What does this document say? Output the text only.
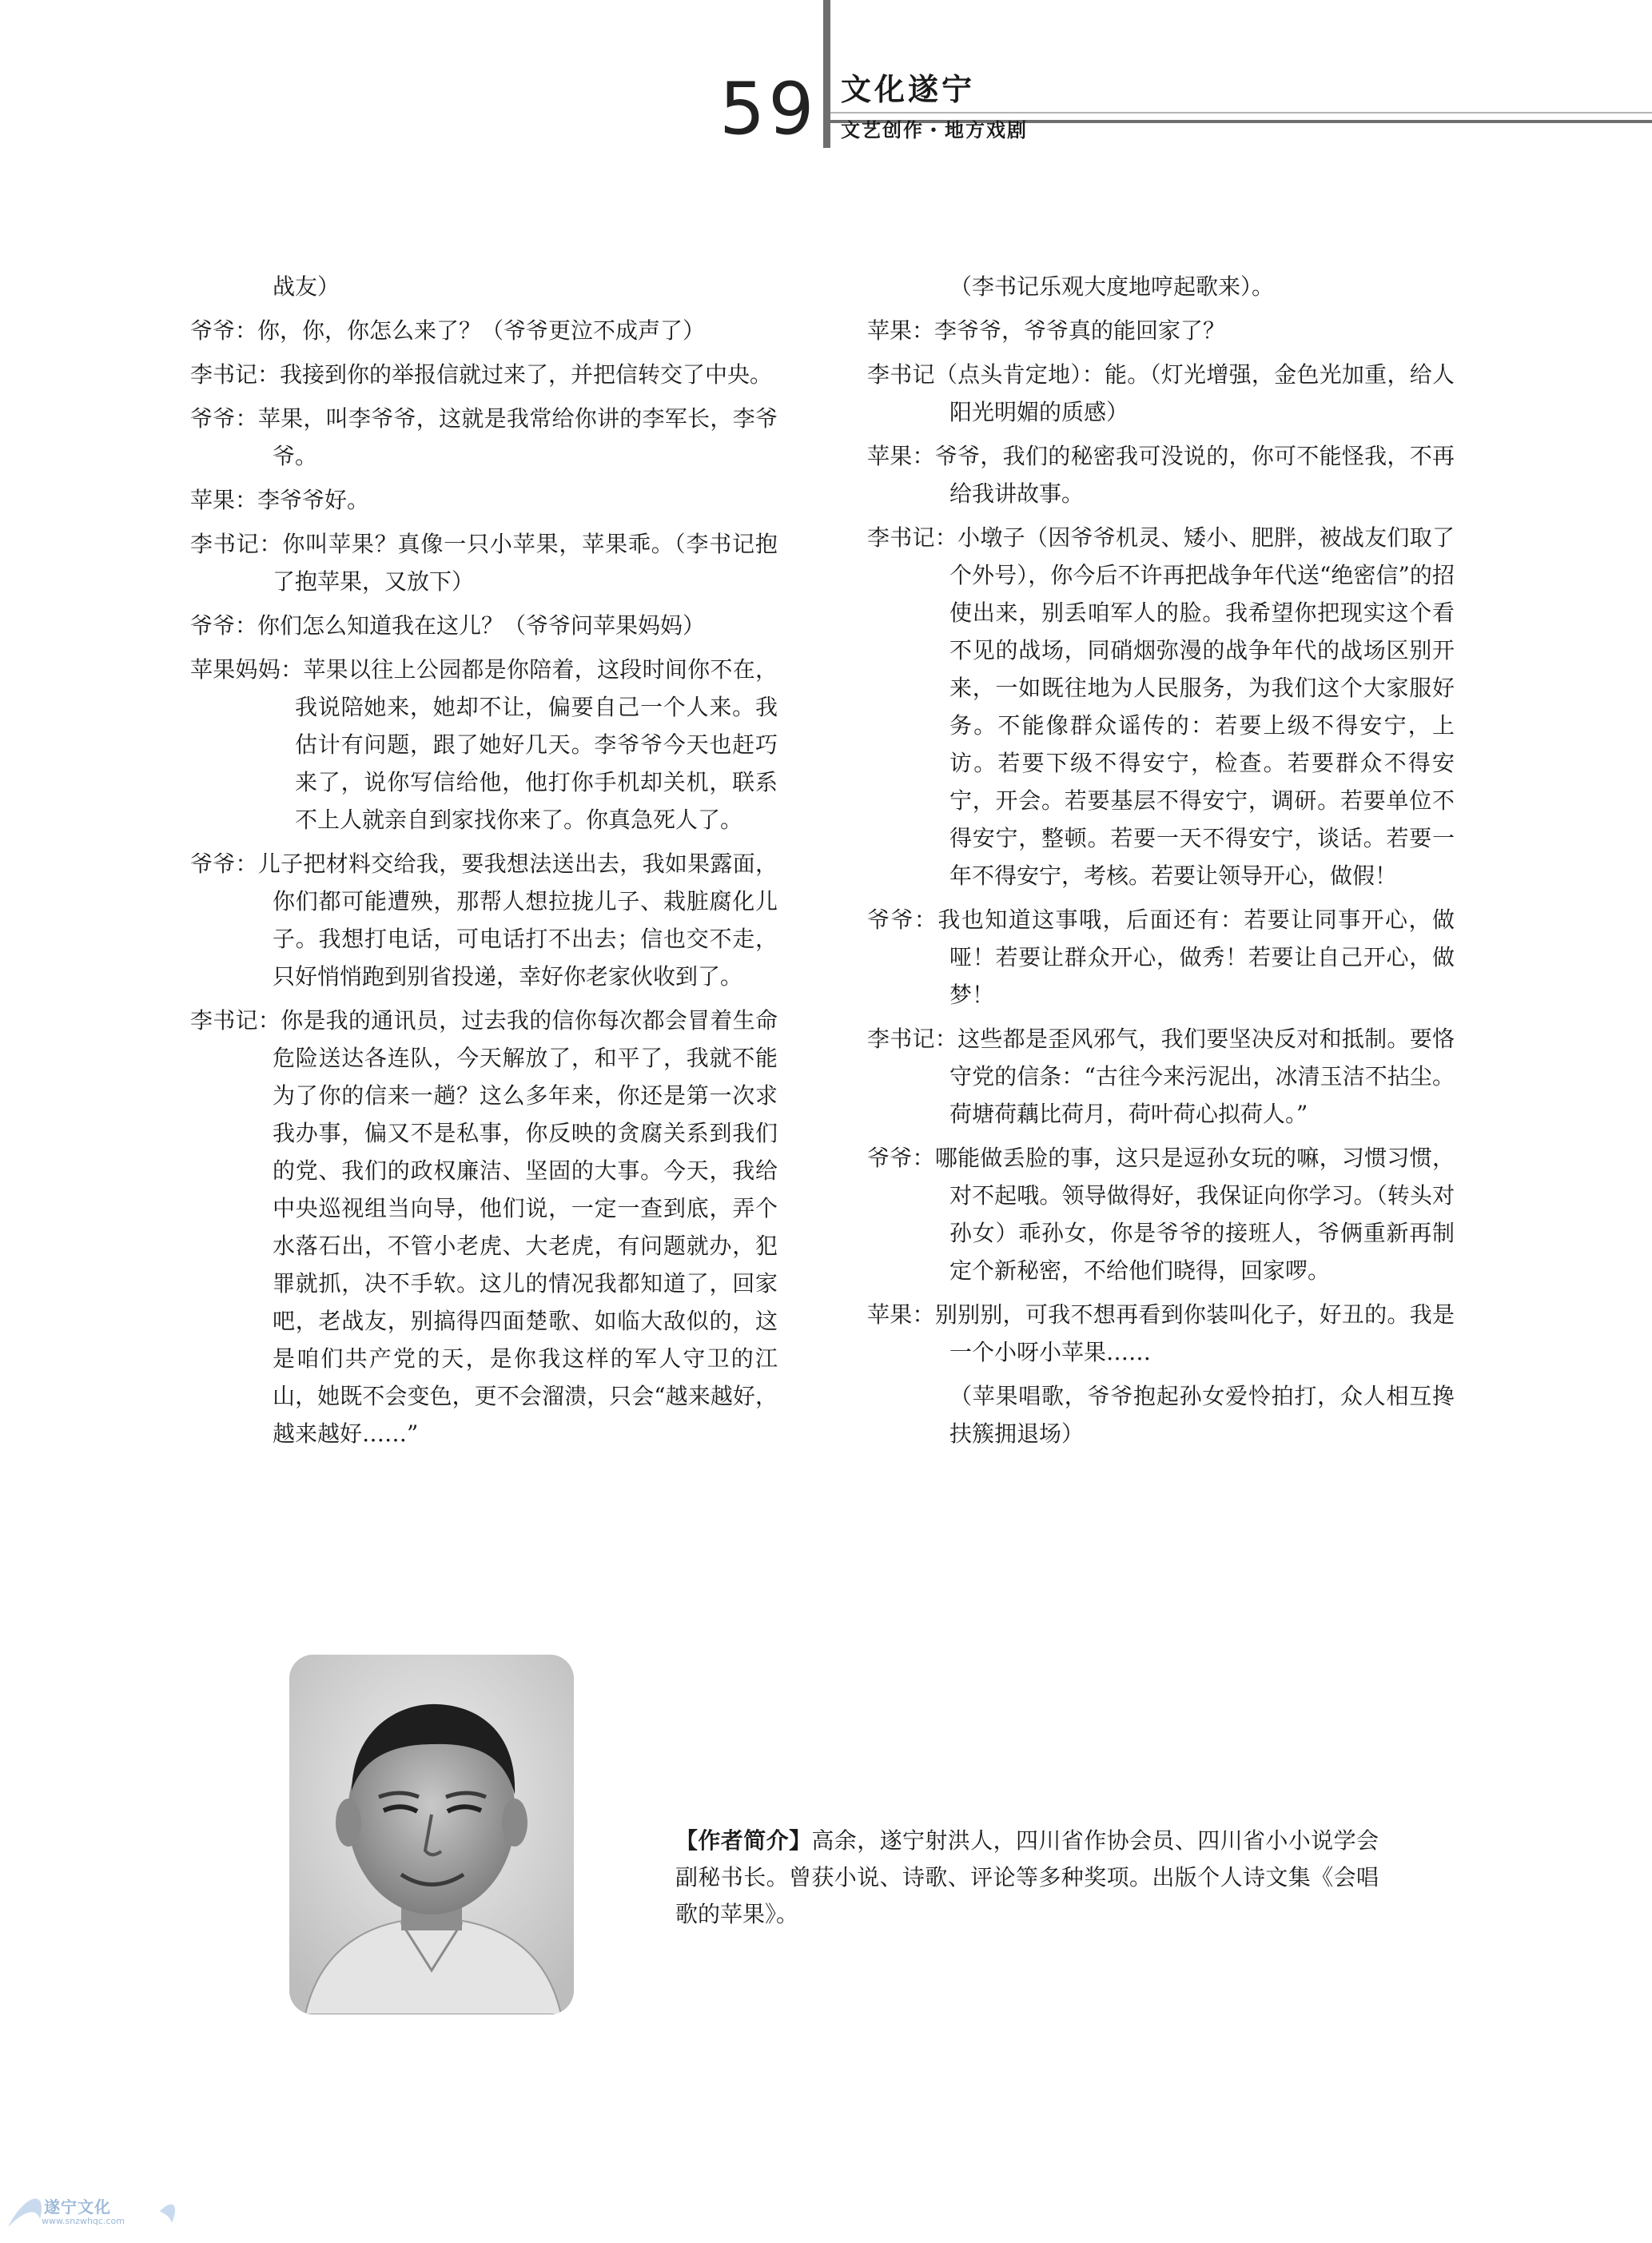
59 文化遂宁
文艺创作・地方戏剧

战友）

爷爷：你，你，你怎么来了？（爷爷更泣不成声了）

李书记：我接到你的举报信就过来了，并把信转交了中央。

爷爷：苹果，叫李爷爷，这就是我常给你讲的李军长，李爷爷。

苹果：李爷爷好。

李书记：你叫苹果？真像一只小苹果，苹果乖。（李书记抱了抱苹果，又放下）

爷爷：你们怎么知道我在这儿？（爷爷问苹果妈妈）

苹果妈妈：苹果以往上公园都是你陪着，这段时间你不在，我说陪她来，她却不让，偏要自己一个人来。我估计有问题，跟了她好几天。李爷爷今天也赶巧来了，说你写信给他，他打你手机却关机，联系不上人就亲自到家找你来了。你真急死人了。

爷爷：儿子把材料交给我，要我想法送出去，我如果露面，你们都可能遭殃，那帮人想拉拢儿子、栽脏腐化儿子。我想打电话，可电话打不出去；信也交不走，只好悄悄跑到别省投递，幸好你老家伙收到了。

李书记：你是我的通讯员，过去我的信你每次都会冒着生命危险送达各连队，今天解放了，和平了，我就不能为了你的信来一趟？这么多年来，你还是第一次求我办事，偏又不是私事，你反映的贪腐关系到我们的党、我们的政权廉洁、坚固的大事。今天，我给中央巡视组当向导，他们说，一定一查到底，弄个水落石出，不管小老虎、大老虎，有问题就办，犯罪就抓，决不手软。这儿的情况我都知道了，回家吧，老战友，别搞得四面楚歌、如临大敌似的，这是咱们共产党的天，是你我这样的军人守卫的江山，她既不会变色，更不会溜溃，只会“越来越好，越来越好……”

（李书记乐观大度地哼起歌来）。

苹果：李爷爷，爷爷真的能回家了？

李书记（点头肯定地）：能。（灯光增强，金色光加重，给人阳光明媚的质感）

苹果：爷爷，我们的秘密我可没说的，你可不能怪我，不再给我讲故事。

李书记：小墩子（因爷爷机灵、矮小、肥胖，被战友们取了个外号），你今后不许再把战争年代送“绝密信”的招使出来，别丢咱军人的脸。我希望你把现实这个看不见的战场，同硝烟弥漫的战争年代的战场区别开来，一如既往地为人民服务，为我们这个大家服好务。不能像群众谣传的：若要上级不得安宁，上访。若要下级不得安宁，检查。若要群众不得安宁，开会。若要基层不得安宁，调研。若要单位不得安宁，整顿。若要一天不得安宁，谈话。若要一年不得安宁，考核。若要让领导开心，做假！

爷爷：我也知道这事哦，后面还有：若要让同事开心，做哑！若要让群众开心，做秀！若要让自己开心，做梦！

李书记：这些都是歪风邪气，我们要坚决反对和抵制。要恪守党的信条：“古往今来污泥出，冰清玉洁不拈尘。荷塘荷藕比荷月，荷叶荷心拟荷人。”

爷爷：哪能做丢脸的事，这只是逗孙女玩的嘛，习惯习惯，对不起哦。领导做得好，我保证向你学习。（转头对孙女）乖孙女，你是爷爷的接班人，爷俩重新再制定个新秘密，不给他们晓得，回家啰。

苹果：别别别，可我不想再看到你装叫化子，好丑的。我是一个小呀小苹果……

（苹果唱歌，爷爷抱起孙女爱怜拍打，众人相互搀扶簇拥退场）

【作者简介】高余，遂宁射洪人，四川省作协会员、四川省小小说学会副秘书长。曾获小说、诗歌、评论等多种奖项。出版个人诗文集《会唱歌的苹果》。
遂宁文化
www.snzwhqc.com
